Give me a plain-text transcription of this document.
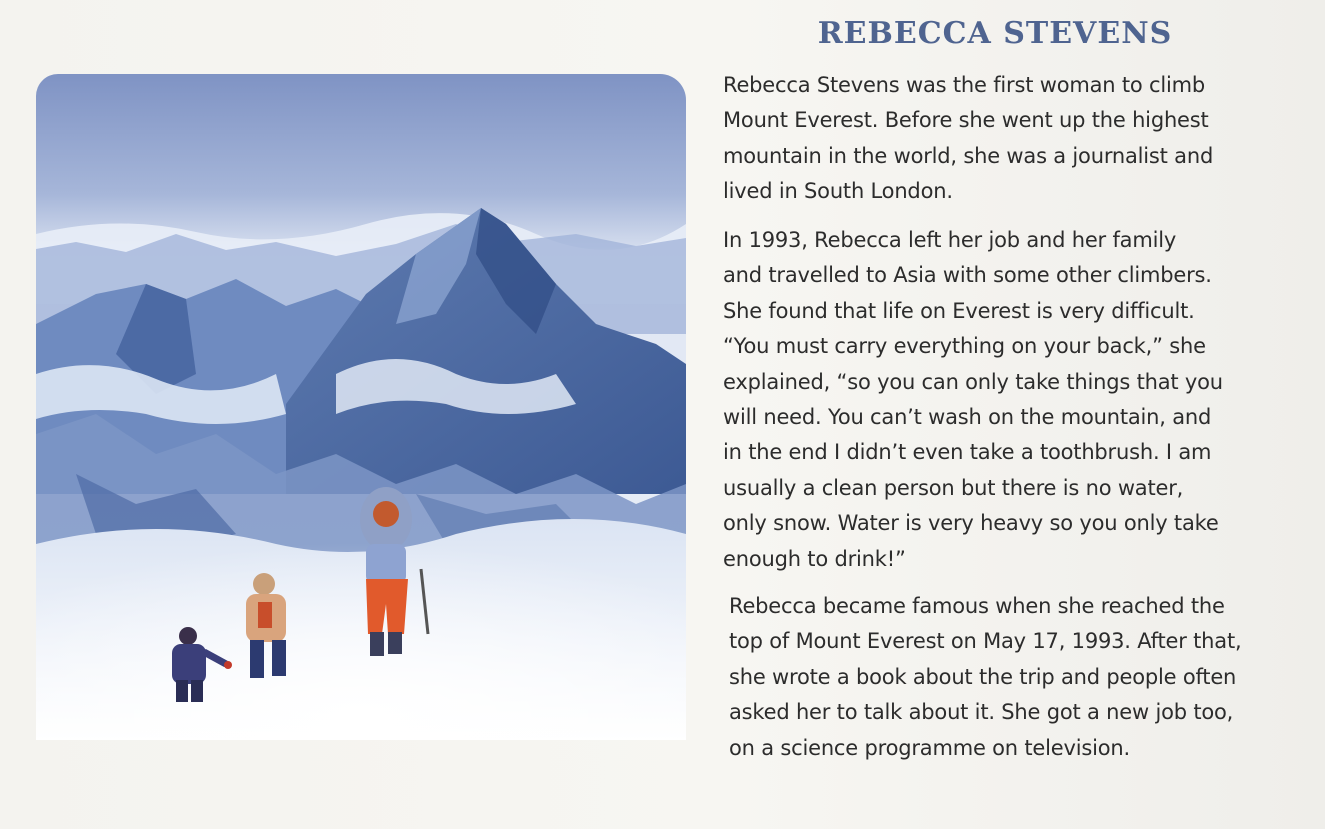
REBECCA STEVENS

Rebecca Stevens was the first woman to climb
Mount Everest. Before she went up the highest
mountain in the world, she was a journalist and
lived in South London.

In 1993, Rebecca left her job and her family
and travelled to Asia with some other climbers.
She found that life on Everest is very difficult.
“You must carry everything on your back,” she
explained, “so you can only take things that you
will need. You can’t wash on the mountain, and
in the end I didn’t even take a toothbrush. I am
usually a clean person but there is no water,
only snow. Water is very heavy so you only take
enough to drink!”

Rebecca became famous when she reached the
top of Mount Everest on May 17, 1993. After that,
she wrote a book about the trip and people often
asked her to talk about it. She got a new job too,
on a science programme on television.
